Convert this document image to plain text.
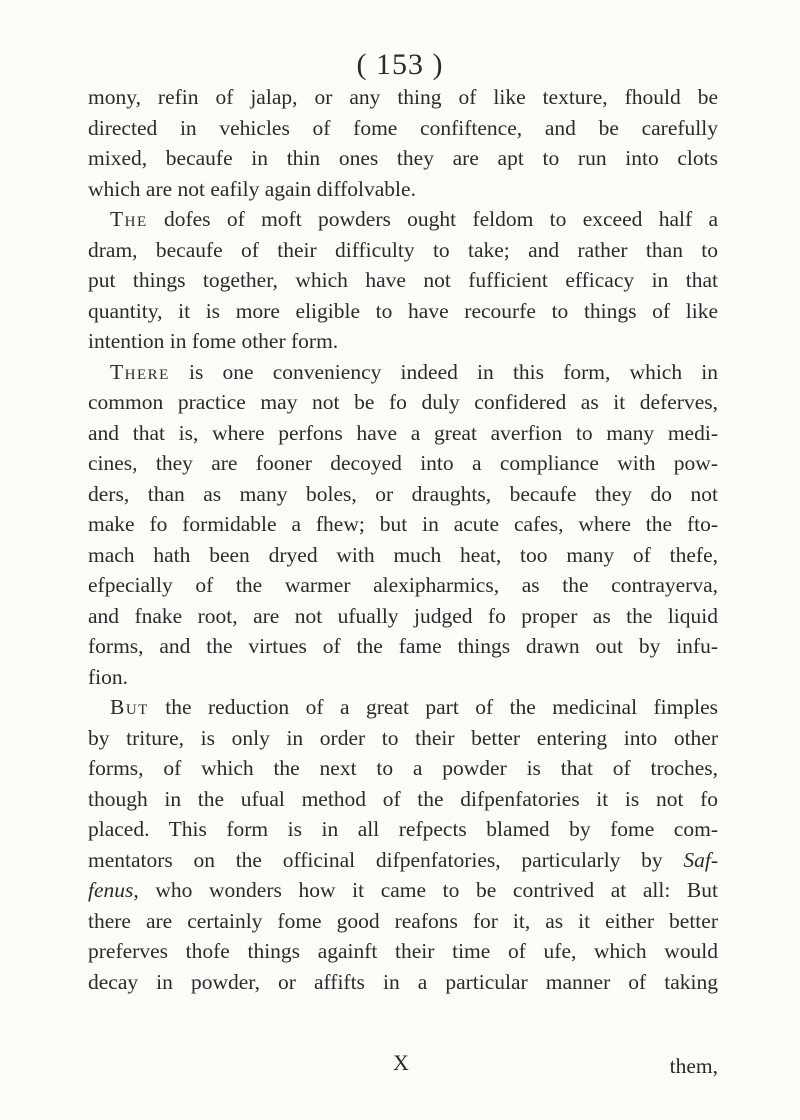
( 153 )
mony, refin of jalap, or any thing of like texture, fhould be
directed in vehicles of fome confiftence, and be carefully
mixed, becaufe in thin ones they are apt to run into clots
which are not eafily again diffolvable.
The dofes of moft powders ought feldom to exceed half a
dram, becaufe of their difficulty to take; and rather than to
put things together, which have not fufficient efficacy in that
quantity, it is more eligible to have recourfe to things of like
intention in fome other form.
There is one conveniency indeed in this form, which in
common practice may not be fo duly confidered as it deferves,
and that is, where perfons have a great averfion to many medi-
cines, they are fooner decoyed into a compliance with pow-
ders, than as many boles, or draughts, becaufe they do not
make fo formidable a fhew; but in acute cafes, where the fto-
mach hath been dryed with much heat, too many of thefe,
efpecially of the warmer alexipharmics, as the contrayerva,
and fnake root, are not ufually judged fo proper as the liquid
forms, and the virtues of the fame things drawn out by infu-
fion.
But the reduction of a great part of the medicinal fimples
by triture, is only in order to their better entering into other
forms, of which the next to a powder is that of troches,
though in the ufual method of the difpenfatories it is not fo
placed. This form is in all refpects blamed by fome com-
mentators on the officinal difpenfatories, particularly by Saf-
fenus, who wonders how it came to be contrived at all: But
there are certainly fome good reafons for it, as it either better
preferves thofe things againft their time of ufe, which would
decay in powder, or affifts in a particular manner of taking
X	them,
